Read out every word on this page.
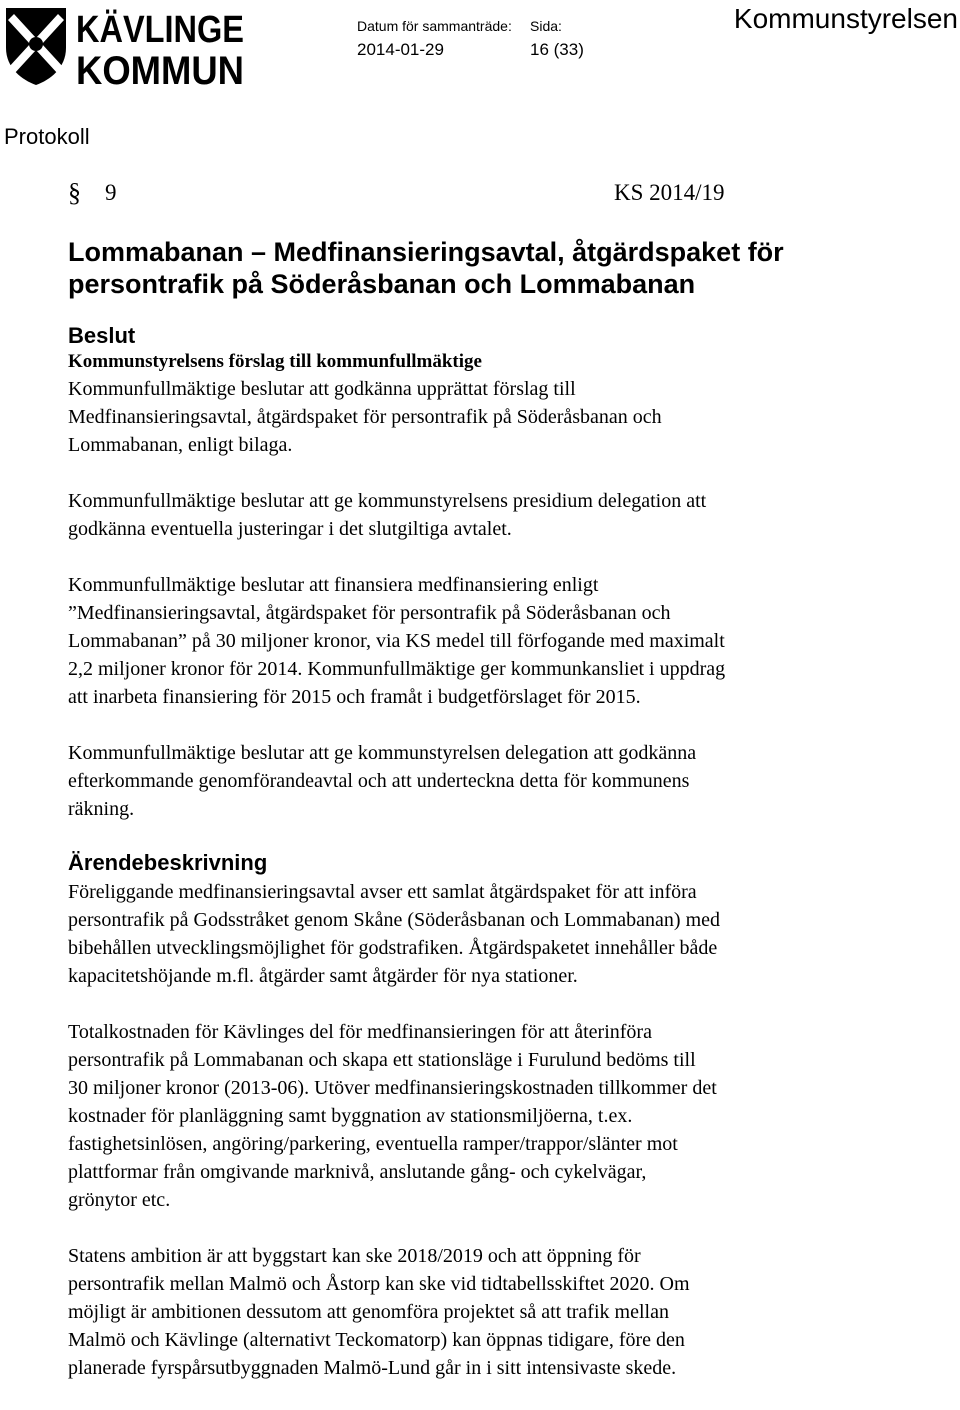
KÄVLINGE
KOMMUN
Datum för sammanträde:
2014-01-29
Sida:
16 (33)
Kommunstyrelsen
Protokoll
§ 9	KS 2014/19
Lommabanan – Medfinansieringsavtal, åtgärdspaket för
persontrafik på Söderåsbanan och Lommabanan
Beslut
Kommunstyrelsens förslag till kommunfullmäktige

Kommunfullmäktige beslutar att godkänna upprättat förslag till
Medfinansieringsavtal, åtgärdspaket för persontrafik på Söderåsbanan och
Lommabanan, enligt bilaga.

Kommunfullmäktige beslutar att ge kommunstyrelsens presidium delegation att
godkänna eventuella justeringar i det slutgiltiga avtalet.

Kommunfullmäktige beslutar att finansiera medfinansiering enligt
”Medfinansieringsavtal, åtgärdspaket för persontrafik på Söderåsbanan och
Lommabanan” på 30 miljoner kronor, via KS medel till förfogande med maximalt
2,2 miljoner kronor för 2014. Kommunfullmäktige ger kommunkansliet i uppdrag
att inarbeta finansiering för 2015 och framåt i budgetförslaget för 2015.

Kommunfullmäktige beslutar att ge kommunstyrelsen delegation att godkänna
efterkommande genomförandeavtal och att underteckna detta för kommunens
räkning.

Ärendebeskrivning

Föreliggande medfinansieringsavtal avser ett samlat åtgärdspaket för att införa
persontrafik på Godsstråket genom Skåne (Söderåsbanan och Lommabanan) med
bibehållen utvecklingsmöjlighet för godstrafiken. Åtgärdspaketet innehåller både
kapacitetshöjande m.fl. åtgärder samt åtgärder för nya stationer.

Totalkostnaden för Kävlinges del för medfinansieringen för att återinföra
persontrafik på Lommabanan och skapa ett stationsläge i Furulund bedöms till
30 miljoner kronor (2013-06). Utöver medfinansieringskostnaden tillkommer det
kostnader för planläggning samt byggnation av stationsmiljöerna, t.ex.
fastighetsinlösen, angöring/parkering, eventuella ramper/trappor/slänter mot
plattformar från omgivande marknivå, anslutande gång- och cykelvägar,
grönytor etc.

Statens ambition är att byggstart kan ske 2018/2019 och att öppning för
persontrafik mellan Malmö och Åstorp kan ske vid tidtabellsskiftet 2020. Om
möjligt är ambitionen dessutom att genomföra projektet så att trafik mellan
Malmö och Kävlinge (alternativt Teckomatorp) kan öppnas tidigare, före den
planerade fyrspårsutbyggnaden Malmö-Lund går in i sitt intensivaste skede.
